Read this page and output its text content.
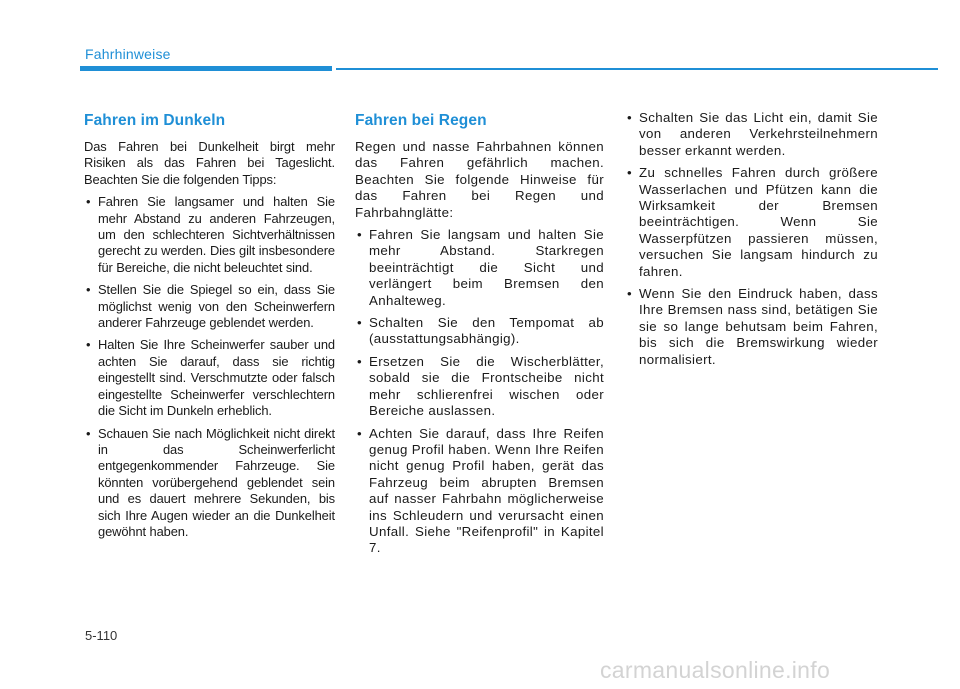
Fahrhinweise
Fahren im Dunkeln

Das Fahren bei Dunkelheit birgt mehr Risiken als das Fahren bei Tageslicht. Beachten Sie die folgenden Tipps:

• Fahren Sie langsamer und halten Sie mehr Abstand zu anderen Fahrzeugen, um den schlechteren Sichtverhältnissen gerecht zu werden. Dies gilt insbesondere für Bereiche, die nicht beleuchtet sind.
• Stellen Sie die Spiegel so ein, dass Sie möglichst wenig von den Scheinwerfern anderer Fahrzeuge geblendet werden.
• Halten Sie Ihre Scheinwerfer sauber und achten Sie darauf, dass sie richtig eingestellt sind. Verschmutzte oder falsch eingestellte Scheinwerfer verschlechtern die Sicht im Dunkeln erheblich.
• Schauen Sie nach Möglichkeit nicht direkt in das Scheinwerferlicht entgegenkommender Fahrzeuge. Sie könnten vorübergehend geblendet sein und es dauert mehrere Sekunden, bis sich Ihre Augen wieder an die Dunkelheit gewöhnt haben.
Fahren bei Regen

Regen und nasse Fahrbahnen können das Fahren gefährlich machen. Beachten Sie folgende Hinweise für das Fahren bei Regen und Fahrbahnglätte:

• Fahren Sie langsam und halten Sie mehr Abstand. Starkregen beeinträchtigt die Sicht und verlängert beim Bremsen den Anhalteweg.
• Schalten Sie den Tempomat ab (ausstattungsabhängig).
• Ersetzen Sie die Wischerblätter, sobald sie die Frontscheibe nicht mehr schlierenfrei wischen oder Bereiche auslassen.
• Achten Sie darauf, dass Ihre Reifen genug Profil haben. Wenn Ihre Reifen nicht genug Profil haben, gerät das Fahrzeug beim abrupten Bremsen auf nasser Fahrbahn möglicherweise ins Schleudern und verursacht einen Unfall. Siehe "Reifenprofil" in Kapitel 7.
• Schalten Sie das Licht ein, damit Sie von anderen Verkehrsteilnehmern besser erkannt werden.
• Zu schnelles Fahren durch größere Wasserlachen und Pfützen kann die Wirksamkeit der Bremsen beeinträchtigen. Wenn Sie Wasserpfützen passieren müssen, versuchen Sie langsam hindurch zu fahren.
• Wenn Sie den Eindruck haben, dass Ihre Bremsen nass sind, betätigen Sie sie so lange behutsam beim Fahren, bis sich die Bremswirkung wieder normalisiert.
5-110
carmanualsonline.info
